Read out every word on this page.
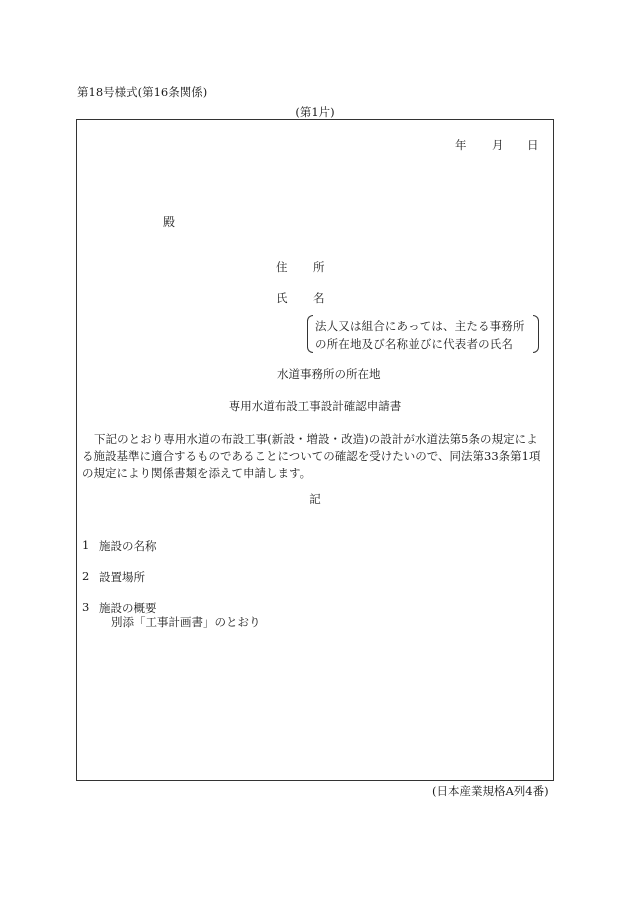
第18号様式(第16条関係)
(第1片)
年 月 日
殿
住 所
氏 名
法人又は組合にあっては、主たる事務所
の所在地及び名称並びに代表者の氏名
水道事務所の所在地
専用水道布設工事設計確認申請書
下記のとおり専用水道の布設工事(新設・増設・改造)の設計が水道法第5条の規定によ
る施設基準に適合するものであることについての確認を受けたいので、同法第33条第1項
の規定により関係書類を添えて申請します。
記
1 施設の名称
2 設置場所
3 施設の概要
別添「工事計画書」のとおり
(日本産業規格A列4番)
